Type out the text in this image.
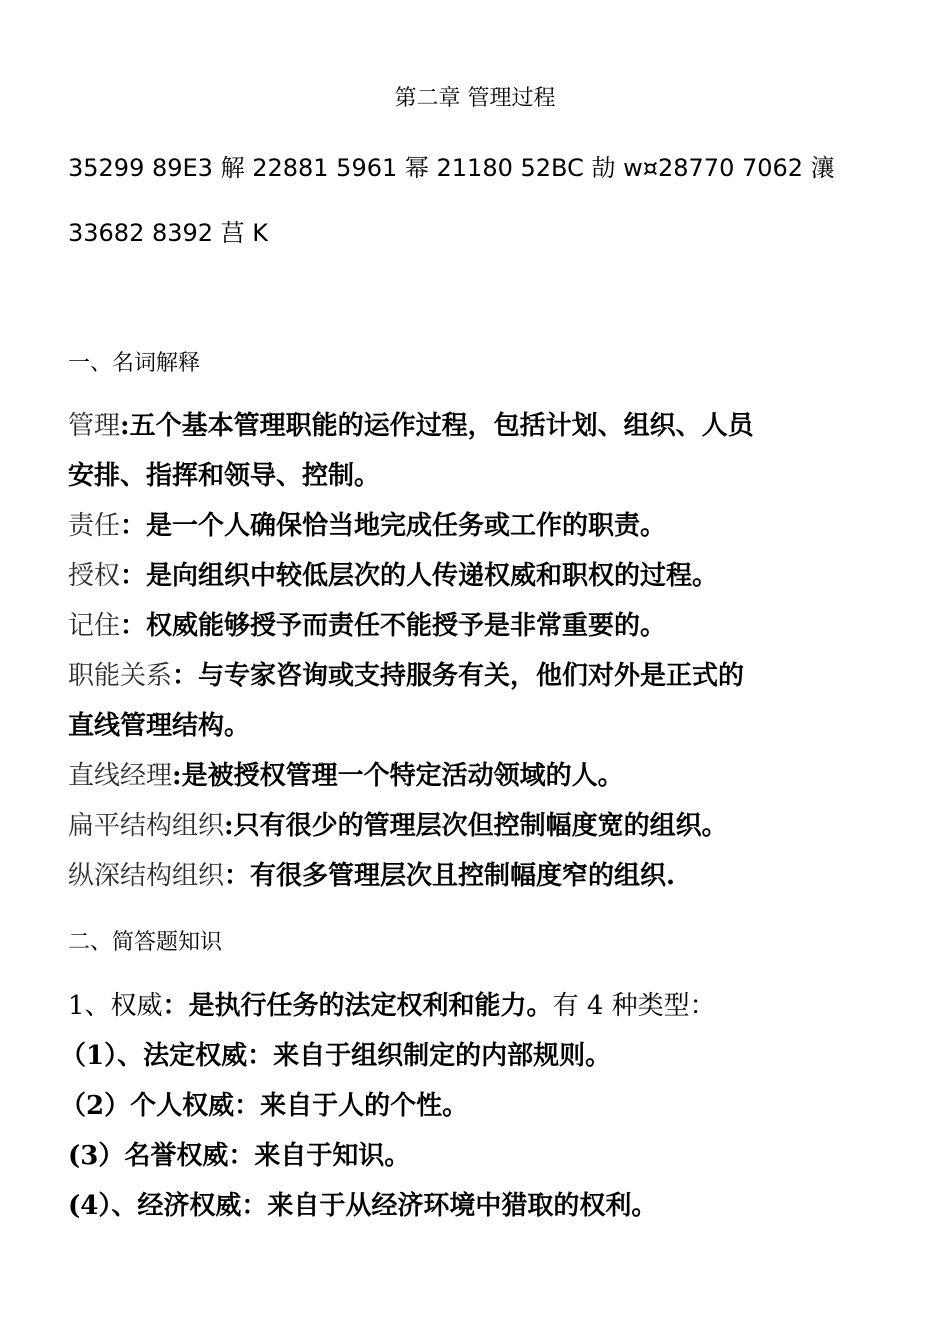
第二章 管理过程
35299 89E3 解 22881 5961 幂 21180 52BC 劼 w¤28770 7062 瀼
33682 8392 莒 K
一、名词解释
管理:五个基本管理职能的运作过程，包括计划、组织、人员
安排、指挥和领导、控制。
责任：是一个人确保恰当地完成任务或工作的职责。
授权：是向组织中较低层次的人传递权威和职权的过程。
记住：权威能够授予而责任不能授予是非常重要的。
职能关系：与专家咨询或支持服务有关，他们对外是正式的
直线管理结构。
直线经理:是被授权管理一个特定活动领域的人。
扁平结构组织:只有很少的管理层次但控制幅度宽的组织。
纵深结构组织：有很多管理层次且控制幅度窄的组织.
二、简答题知识
1、权威：是执行任务的法定权利和能力。有 4 种类型：
（1）、法定权威：来自于组织制定的内部规则。
（2）个人权威：来自于人的个性。
(3）名誉权威：来自于知识。
(4）、经济权威：来自于从经济环境中猎取的权利。
